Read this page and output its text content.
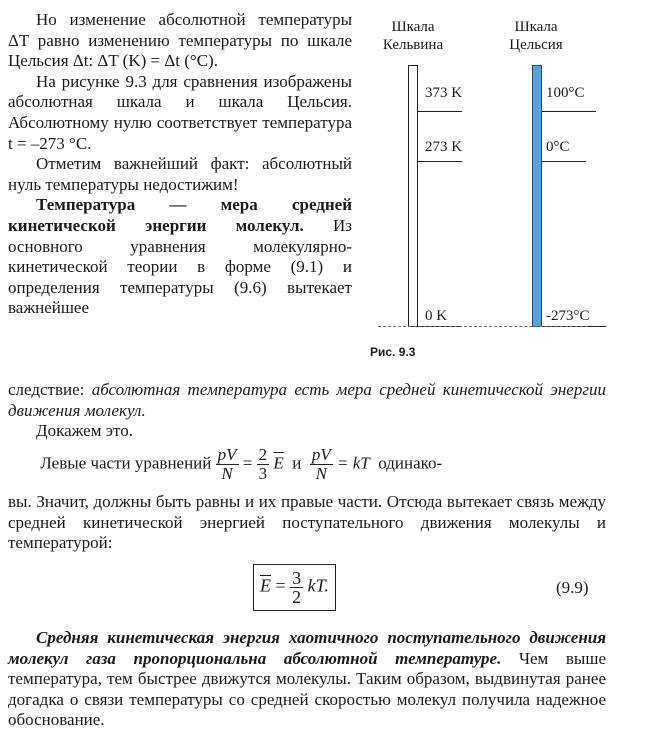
Но изменение абсолютной температуры ΔT равно изменению температуры по шкале Цельсия Δt: ΔT (K) = Δt (°C).

На рисунке 9.3 для сравнения изображены абсолютная шкала и шкала Цельсия. Абсолютному нулю соответствует температура t = –273 °C.

Отметим важнейший факт: абсолютный нуль температуры недостижим!

Температура — мера средней кинетической энергии молекул. Из основного уравнения молекулярно-кинетической теории в форме (9.1) и определения температуры (9.6) вытекает важнейшее

Шкала Кельвина
Шкала Цельсия
373 K
273 K
0 K
100°C
0°C
-273°C
Рис. 9.3

следствие: абсолютная температура есть мера средней кинетической энергии движения молекул.

Докажем это.

Левые части уравнений $\frac{pV}{N} = \frac{2}{3} \overline{E}$ и $\frac{pV}{N}$ = kT одинако-

вы. Значит, должны быть равны и их правые части. Отсюда вытекает связь между средней кинетической энергией поступательного движения молекулы и температурой:

$\overline{E} = \frac{3}{2}$ kT.	(9.9)

Средняя кинетическая энергия хаотичного поступательного движения молекул газа пропорциональна абсолютной температуре. Чем выше температура, тем быстрее движутся молекулы. Таким образом, выдвинутая ранее догадка о связи температуры со средней скоростью молекул получила надежное обоснование.
